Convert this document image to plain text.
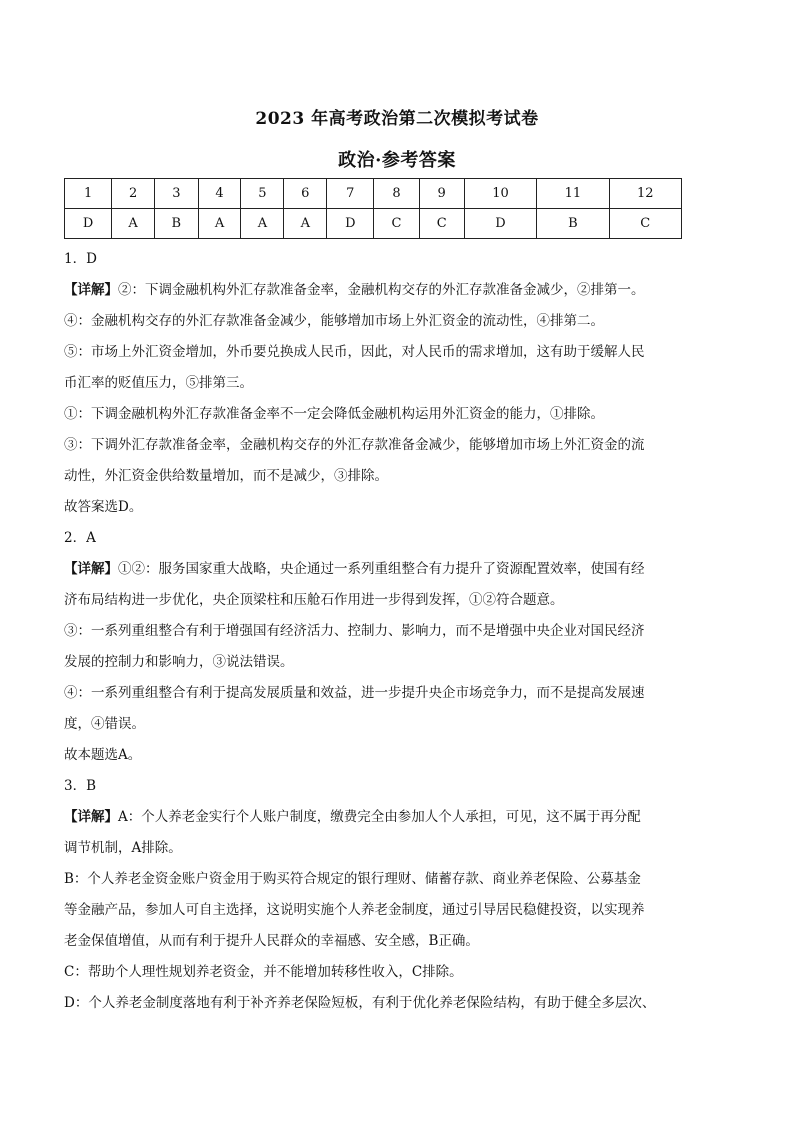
2023 年高考政治第二次模拟考试卷
政治·参考答案
1	2	3	4	5	6	7	8	9	10	11	12
D	A	B	A	A	A	D	C	C	D	B	C
1．D
【详解】②：下调金融机构外汇存款准备金率，金融机构交存的外汇存款准备金减少，②排第一。
④：金融机构交存的外汇存款准备金减少，能够增加市场上外汇资金的流动性，④排第二。
⑤：市场上外汇资金增加，外币要兑换成人民币，因此，对人民币的需求增加，这有助于缓解人民
币汇率的贬值压力，⑤排第三。
①：下调金融机构外汇存款准备金率不一定会降低金融机构运用外汇资金的能力，①排除。
③：下调外汇存款准备金率，金融机构交存的外汇存款准备金减少，能够增加市场上外汇资金的流
动性，外汇资金供给数量增加，而不是减少，③排除。
故答案选D。
2．A
【详解】①②：服务国家重大战略，央企通过一系列重组整合有力提升了资源配置效率，使国有经
济布局结构进一步优化，央企顶梁柱和压舱石作用进一步得到发挥，①②符合题意。
③：一系列重组整合有利于增强国有经济活力、控制力、影响力，而不是增强中央企业对国民经济
发展的控制力和影响力，③说法错误。
④：一系列重组整合有利于提高发展质量和效益，进一步提升央企市场竞争力，而不是提高发展速
度，④错误。
故本题选A。
3．B
【详解】A：个人养老金实行个人账户制度，缴费完全由参加人个人承担，可见，这不属于再分配
调节机制，A排除。
B：个人养老金资金账户资金用于购买符合规定的银行理财、储蓄存款、商业养老保险、公募基金
等金融产品，参加人可自主选择，这说明实施个人养老金制度，通过引导居民稳健投资，以实现养
老金保值增值，从而有利于提升人民群众的幸福感、安全感，B正确。
C：帮助个人理性规划养老资金，并不能增加转移性收入，C排除。
D：个人养老金制度落地有利于补齐养老保险短板，有利于优化养老保险结构，有助于健全多层次、
